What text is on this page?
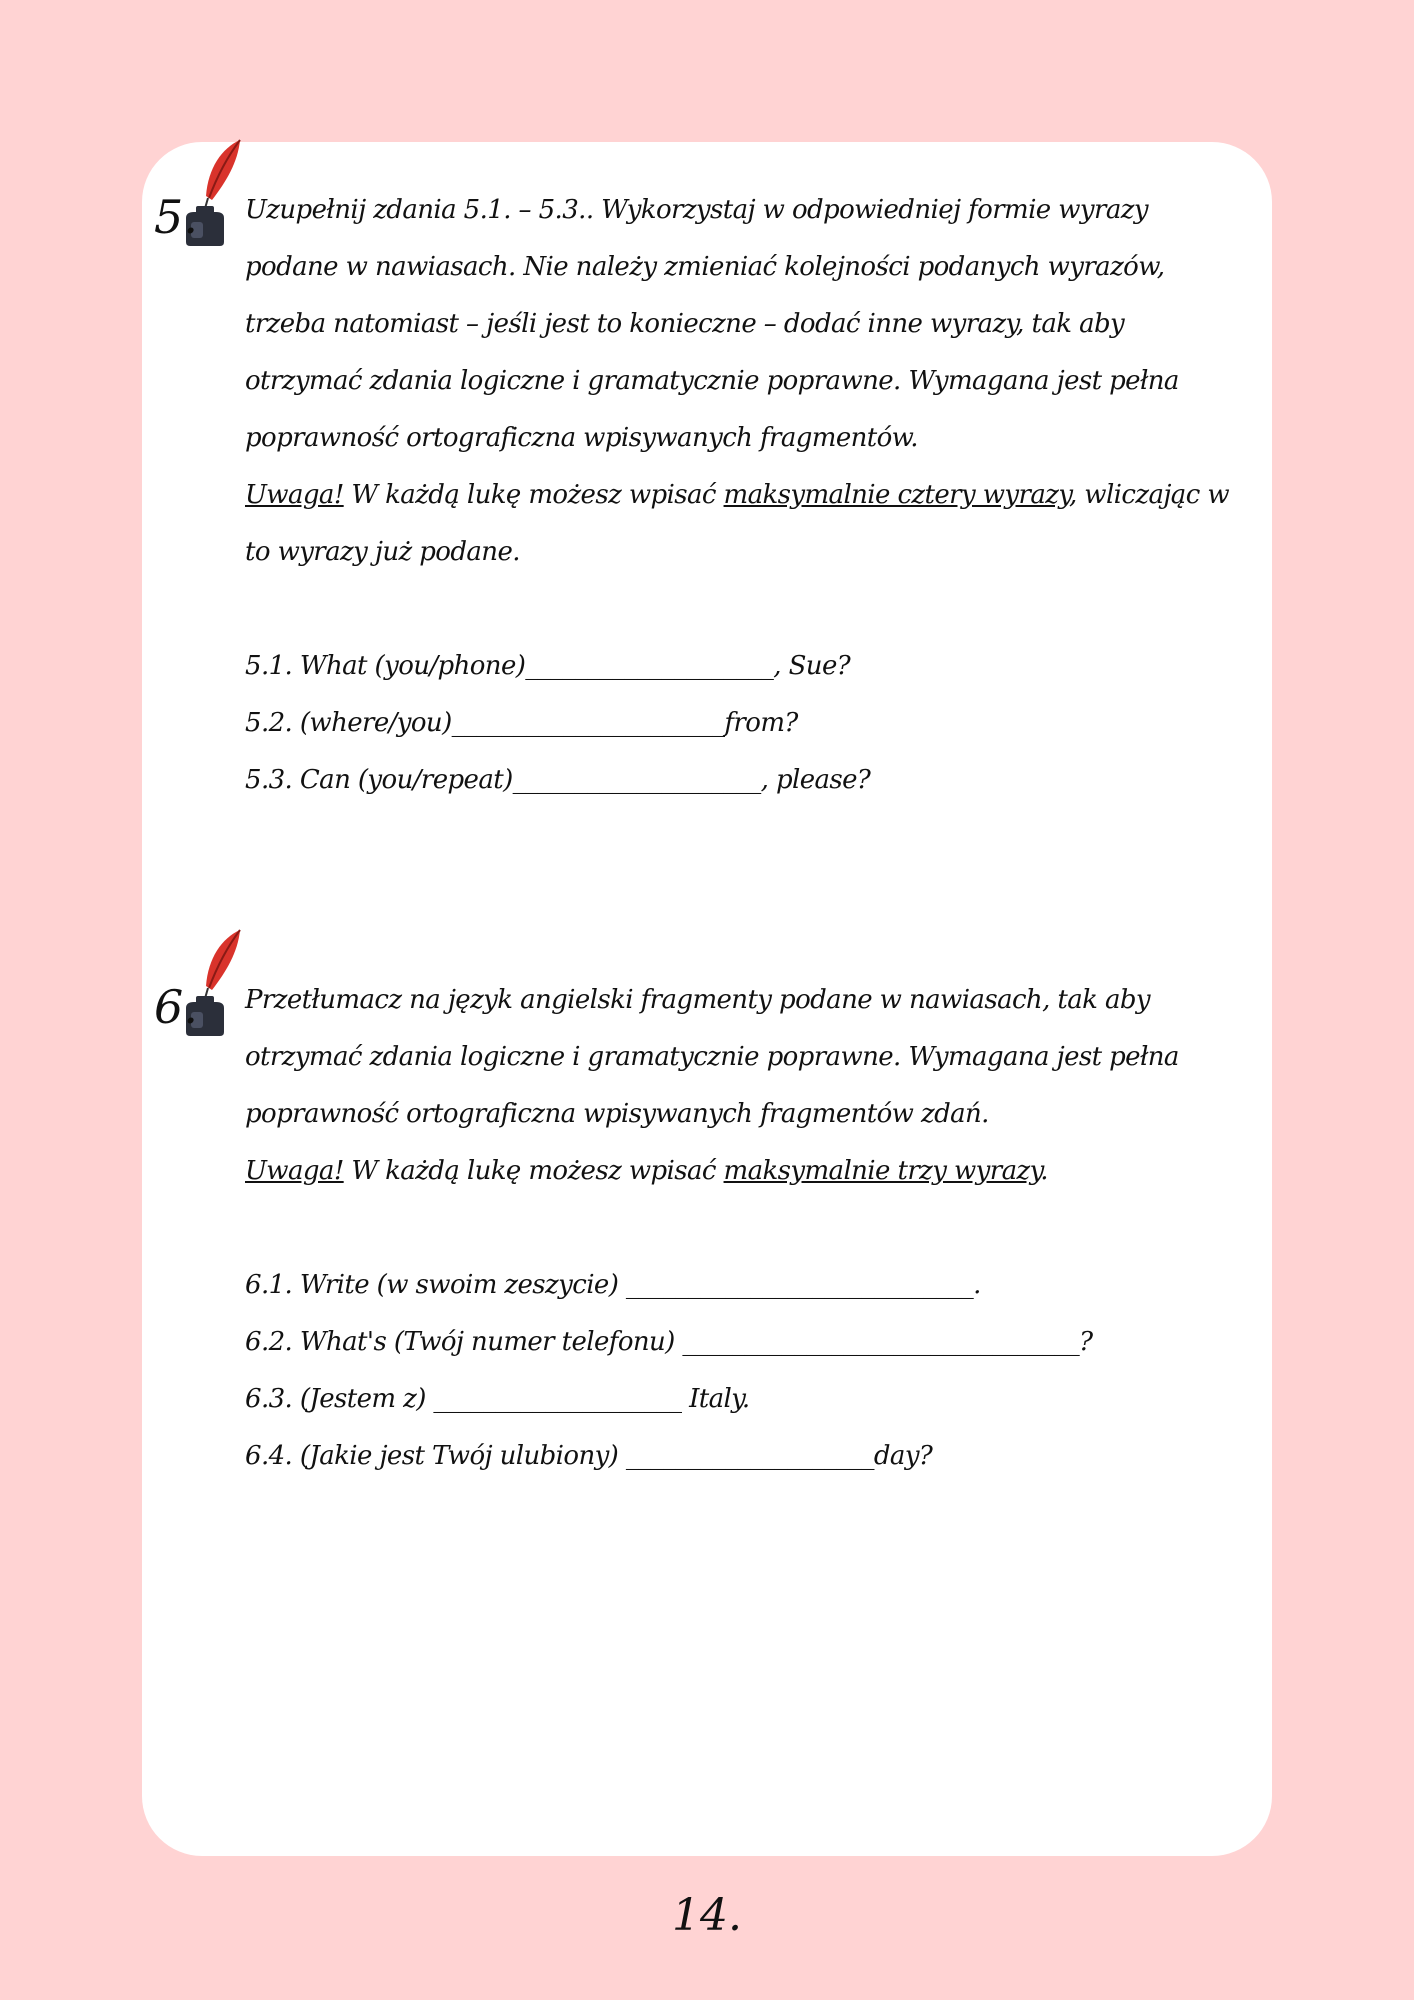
5. Uzupełnij zdania 5.1. – 5.3.. Wykorzystaj w odpowiedniej formie wyrazy podane w nawiasach. Nie należy zmieniać kolejności podanych wyrazów, trzeba natomiast – jeśli jest to konieczne – dodać inne wyrazy, tak aby otrzymać zdania logiczne i gramatycznie poprawne. Wymagana jest pełna poprawność ortograficzna wpisywanych fragmentów.

Uwaga! W każdą lukę możesz wpisać maksymalnie cztery wyrazy, wliczając w to wyrazy już podane.

5.1. What (you/phone)____________________, Sue?
5.2. (where/you)______________________from?
5.3. Can (you/repeat)____________________, please?
6. Przetłumacz na język angielski fragmenty podane w nawiasach, tak aby otrzymać zdania logiczne i gramatycznie poprawne. Wymagana jest pełna poprawność ortograficzna wpisywanych fragmentów zdań.

Uwaga! W każdą lukę możesz wpisać maksymalnie trzy wyrazy.

6.1. Write (w swoim zeszycie) ____________________________.
6.2. What's (Twój numer telefonu) ________________________________?
6.3. (Jestem z) ____________________ Italy.
6.4. (Jakie jest Twój ulubiony) ____________________day?
14.
